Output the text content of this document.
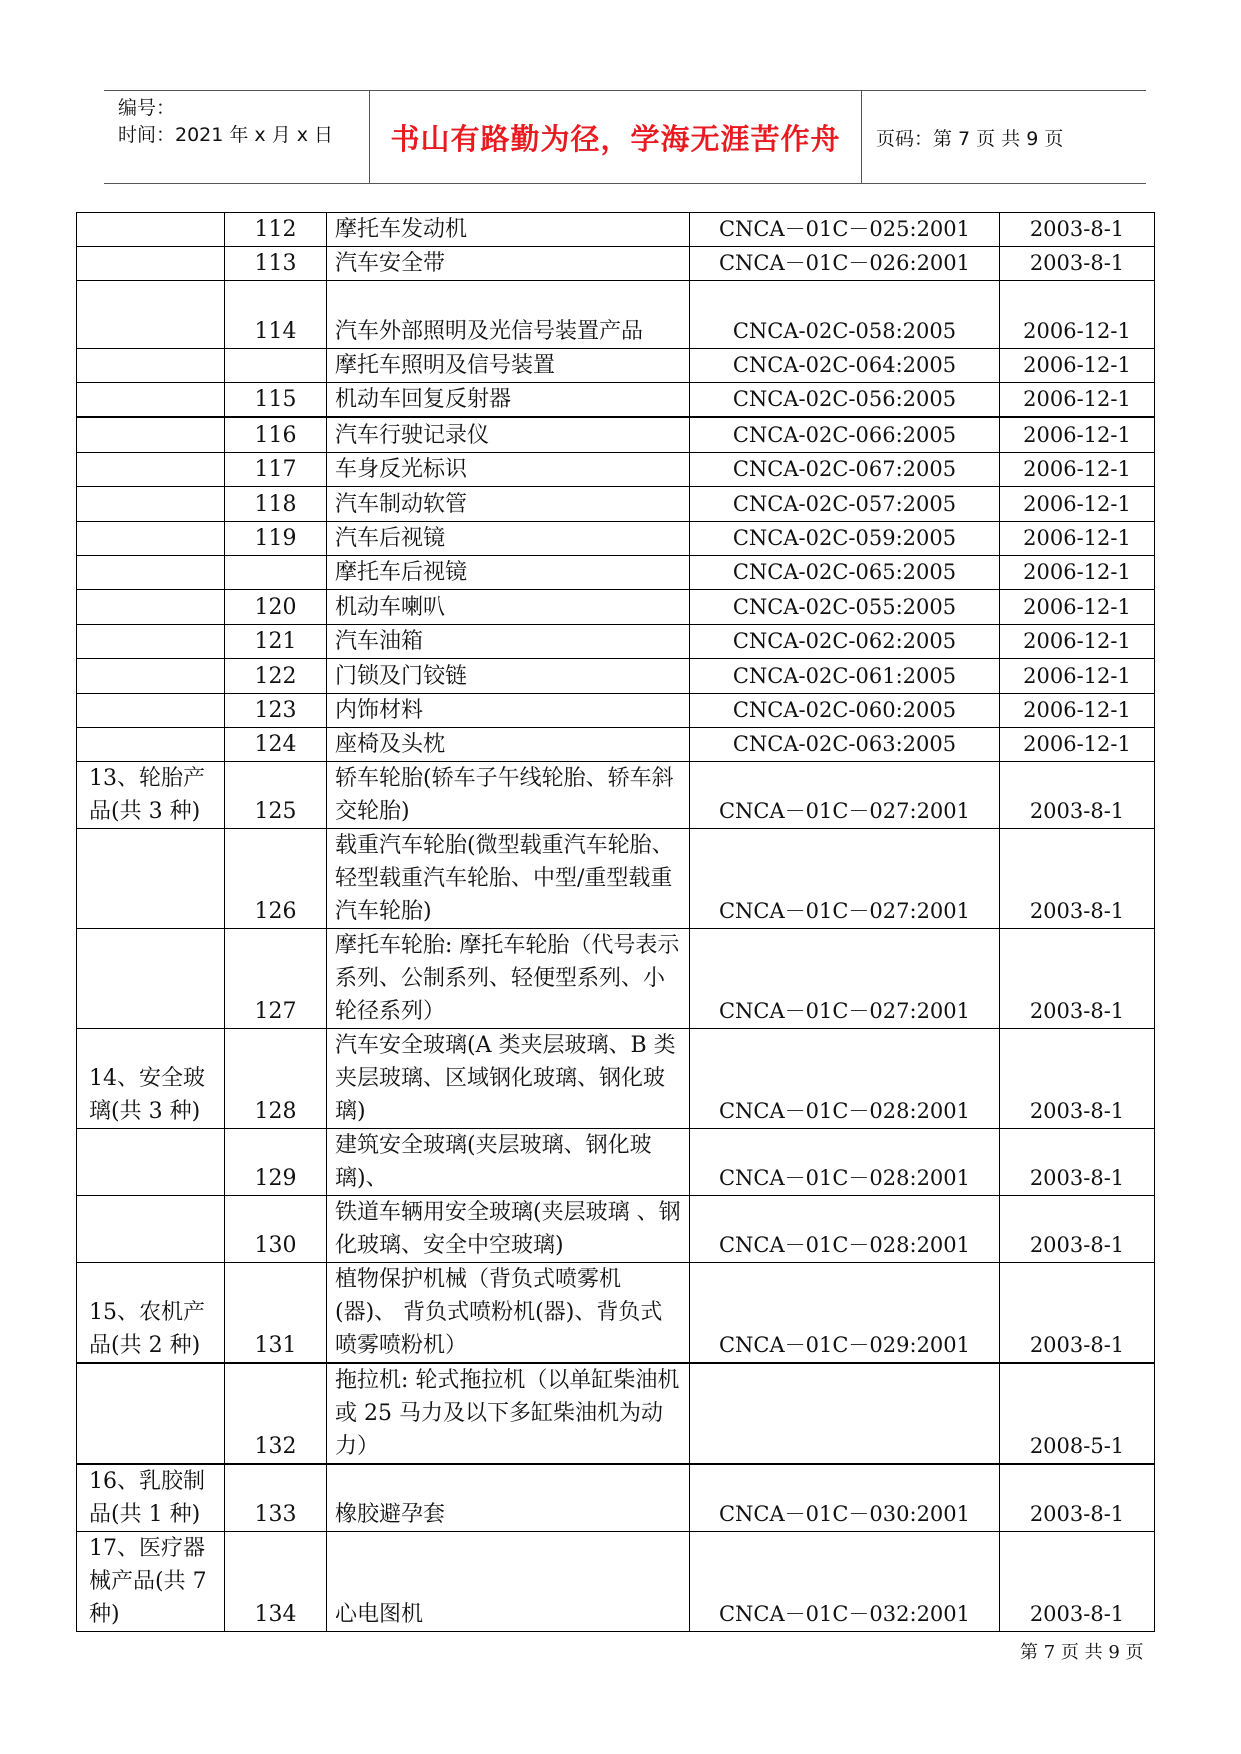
编号：
时间：2021 年 x 月 x 日	书山有路勤为径，学海无涯苦作舟	页码：第 7 页 共 9 页
	112	摩托车发动机	CNCA－01C－025:2001	2003-8-1
	113	汽车安全带	CNCA－01C－026:2001	2003-8-1
	114	汽车外部照明及光信号装置产品	CNCA-02C-058:2005	2006-12-1
		摩托车照明及信号装置	CNCA-02C-064:2005	2006-12-1
	115	机动车回复反射器	CNCA-02C-056:2005	2006-12-1
	116	汽车行驶记录仪	CNCA-02C-066:2005	2006-12-1
	117	车身反光标识	CNCA-02C-067:2005	2006-12-1
	118	汽车制动软管	CNCA-02C-057:2005	2006-12-1
	119	汽车后视镜	CNCA-02C-059:2005	2006-12-1
		摩托车后视镜	CNCA-02C-065:2005	2006-12-1
	120	机动车喇叭	CNCA-02C-055:2005	2006-12-1
	121	汽车油箱	CNCA-02C-062:2005	2006-12-1
	122	门锁及门铰链	CNCA-02C-061:2005	2006-12-1
	123	内饰材料	CNCA-02C-060:2005	2006-12-1
	124	座椅及头枕	CNCA-02C-063:2005	2006-12-1
13、轮胎产品(共 3 种)	125	轿车轮胎(轿车子午线轮胎、轿车斜交轮胎)	CNCA－01C－027:2001	2003-8-1
	126	载重汽车轮胎(微型载重汽车轮胎、轻型载重汽车轮胎、中型/重型载重汽车轮胎)	CNCA－01C－027:2001	2003-8-1
	127	摩托车轮胎: 摩托车轮胎（代号表示系列、公制系列、轻便型系列、小轮径系列）	CNCA－01C－027:2001	2003-8-1
14、安全玻璃(共 3 种)	128	汽车安全玻璃(A 类夹层玻璃、B 类夹层玻璃、区域钢化玻璃、钢化玻璃)	CNCA－01C－028:2001	2003-8-1
	129	建筑安全玻璃(夹层玻璃、钢化玻璃)、	CNCA－01C－028:2001	2003-8-1
	130	铁道车辆用安全玻璃(夹层玻璃 、钢化玻璃、安全中空玻璃)	CNCA－01C－028:2001	2003-8-1
15、农机产品(共 2 种)	131	植物保护机械（背负式喷雾机(器)、 背负式喷粉机(器)、背负式喷雾喷粉机）	CNCA－01C－029:2001	2003-8-1
	132	拖拉机: 轮式拖拉机（以单缸柴油机或 25 马力及以下多缸柴油机为动力）		2008-5-1
16、乳胶制品(共 1 种)	133	橡胶避孕套	CNCA－01C－030:2001	2003-8-1
17、医疗器械产品(共 7 种)	134	心电图机	CNCA－01C－032:2001	2003-8-1
第 7 页 共 9 页
